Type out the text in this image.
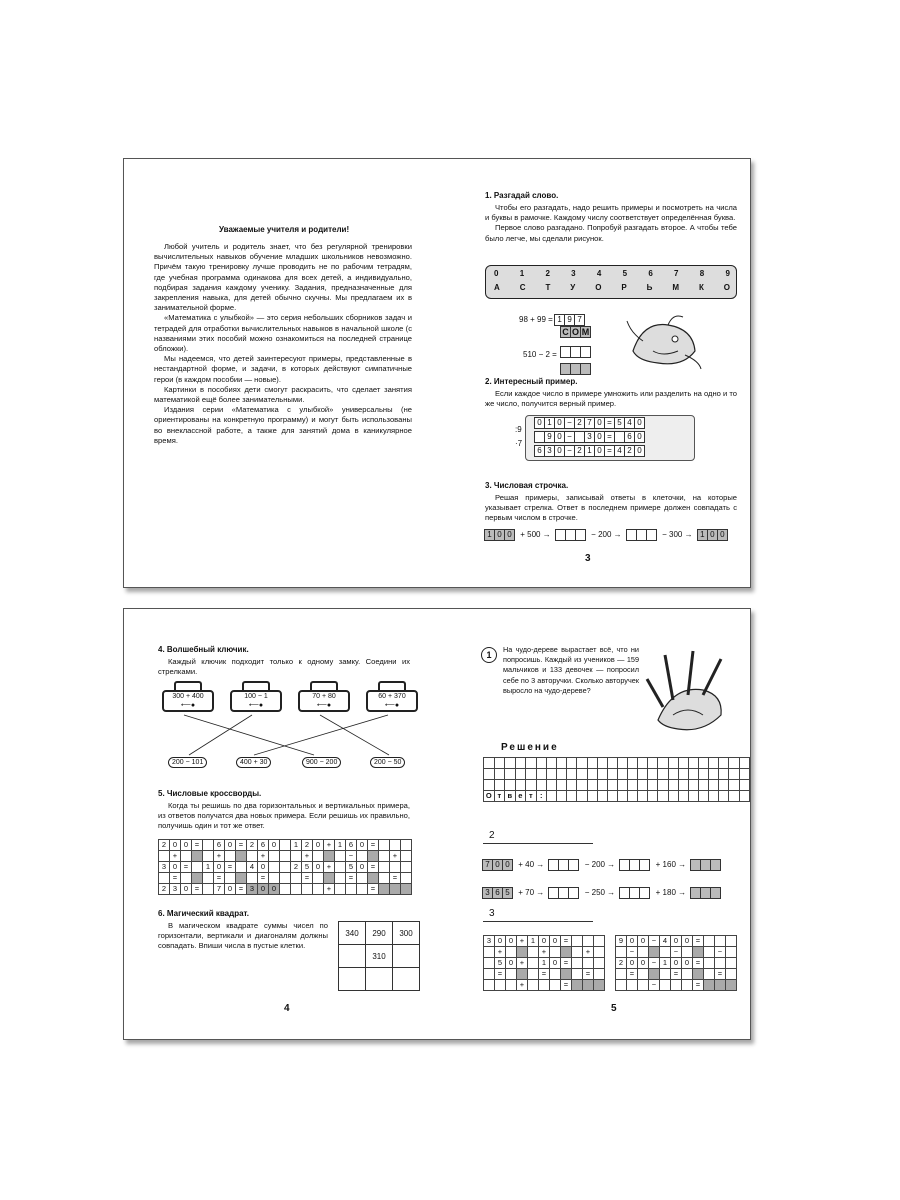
Уважаемые учителя и родители!

Любой учитель и родитель знает, что без регулярной тренировки вычислительных навыков обучение младших школьников невозможно. Причём такую тренировку лучше проводить не по рабочим тетрадям, где учебная программа одинакова для всех детей, а индивидуально, подбирая задания каждому ученику. Задания, предназначенные для закрепления навыка, для детей обычно скучны. Мы предлагаем их в занимательной форме.

«Математика с улыбкой» — это серия небольших сборников задач и тетрадей для отработки вычислительных навыков в начальной школе (с названиями этих пособий можно ознакомиться на последней странице обложки).

Мы надеемся, что детей заинтересуют примеры, представленные в нестандартной форме, и задачи, в которых действуют симпатичные герои (в каждом пособии — новые).

Картинки в пособиях дети смогут раскрасить, что сделает занятия математикой ещё более занимательными.

Издания серии «Математика с улыбкой» универсальны (не ориентированы на конкретную программу) и могут быть использованы во внеклассной работе, а также для занятий дома в каникулярное время.

1. Разгадай слово.

Чтобы его разгадать, надо решить примеры и посмотреть на числа и буквы в рамочке. Каждому числу соответствует определённая буква.

Первое слово разгадано. Попробуй разгадать второе. А чтобы тебе было легче, мы сделали рисунок.

0	1	2	3	4	5	6	7	8	9
А С Т У О Р Ь М К О
98 + 99 = 1 9 7
С О М
510 − 2 =
2. Интересный пример.

Если каждое число в примере умножить или разделить на одно и то же число, получится верный пример.

:9
·7
0 1 0 − 2 7 0 = 5 4 0
9 0 − 3 0 = 6 0
6 3 0 − 2 1 0 = 4 2 0
3. Числовая строчка.

Решая примеры, записывай ответы в клеточки, на которые указывает стрелка. Ответ в последнем примере должен совпадать с первым числом в строчке.

1 0 0 + 500 →	− 200 →	− 300 → 1 0 0
3
4. Волшебный ключик.

Каждый ключик подходит только к одному замку. Соедини их стрелками.

300 + 400
⟵●
100 − 1
⟵●
70 + 80
⟵●
60 + 370
⟵●
200 − 101	400 + 30	900 − 200	200 − 50
5. Числовые кроссворды.

Когда ты решишь по два горизонтальных и вертикальных примера, из ответов получатся два новых примера. Если решишь их правильно, получишь один и тот же ответ.

2	0	0	=		6	0	=	2	6	0	
	+				+				+		
3	0	=		1	0	=		4	0		
	=				=				=		
2	3	0	=		7	0	=	3	0	0	
1	2	0	+	1	6	0	=			
	+				−				+	
2	5	0	+		5	0	=			
	=				=				=	
			+				=			
6. Магический квадрат.

В магическом квадрате суммы чисел по горизонтали, вертикали и диагоналям должны совпадать. Впиши числа в пустые клетки.

340	290	300
	310	

4
1

На чудо-дереве вырастает всё, что ни попросишь. Каждый из учеников — 159 мальчиков и 133 девочек — попросил себе по 3 авторучки. Сколько авторучек выросло на чудо-дереве?

Решение

О	т	в	е	т	:																				
2
7 0 0 + 40 →	− 200 →	+ 160 →
3 6 5 + 70 →	− 250 →	+ 180 →
3
3	0	0	+	1	0	0	=			
	+				+				+	
	5	0	+		1	0	=			
	=				=				=	
			+				=			
9	0	0	−	4	0	0	=			
	−				−				−	
2	0	0	−	1	0	0	=			
	=				=				=	
			−				=			
5
